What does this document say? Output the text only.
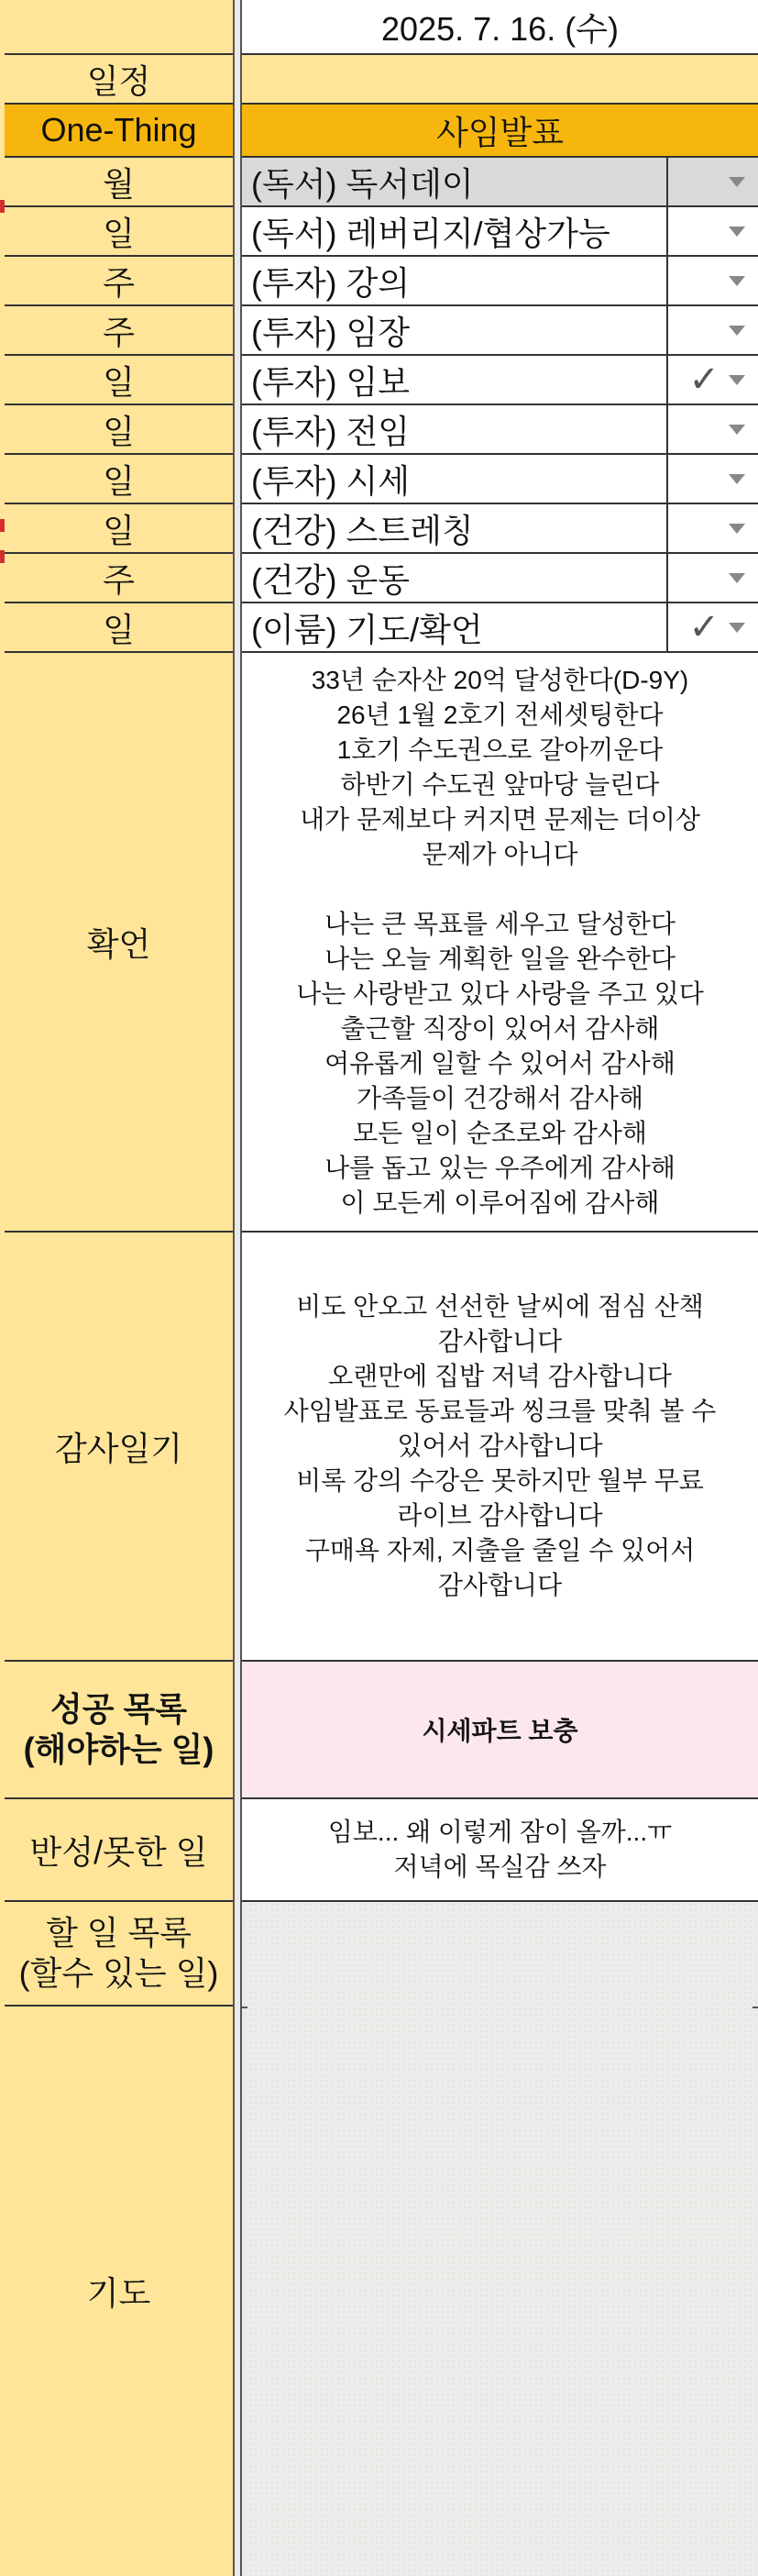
일정
One-Thing
월
일
주
주
일
일
일
일
주
일
확언
감사일기
성공 목록
(해야하는 일)
반성/못한 일
할 일 목록
(할수 있는 일)
기도
2025. 7. 16. (수)
사임발표
(독서) 독서데이
(독서) 레버리지/협상가능
(투자) 강의
(투자) 임장
(투자) 임보	✓
(투자) 전임
(투자) 시세
(건강) 스트레칭
(건강) 운동
(이룸) 기도/확언	✓
33년 순자산 20억 달성한다(D-9Y)
26년 1월 2호기 전세셋팅한다
1호기 수도권으로 갈아끼운다
하반기 수도권 앞마당 늘린다
내가 문제보다 커지면 문제는 더이상
문제가 아니다
나는 큰 목표를 세우고 달성한다
나는 오늘 계획한 일을 완수한다
나는 사랑받고 있다 사랑을 주고 있다
출근할 직장이 있어서 감사해
여유롭게 일할 수 있어서 감사해
가족들이 건강해서 감사해
모든 일이 순조로와 감사해
나를 돕고 있는 우주에게 감사해
이 모든게 이루어짐에 감사해
비도 안오고 선선한 날씨에 점심 산책
감사합니다
오랜만에 집밥 저녁 감사합니다
사임발표로 동료들과 씽크를 맞춰 볼 수
있어서 감사합니다
비록 강의 수강은 못하지만 월부 무료
라이브 감사합니다
구매욕 자제, 지출을 줄일 수 있어서
감사합니다
시세파트 보충
임보... 왜 이렇게 잠이 올까...ㅠ
저녁에 목실감 쓰자
